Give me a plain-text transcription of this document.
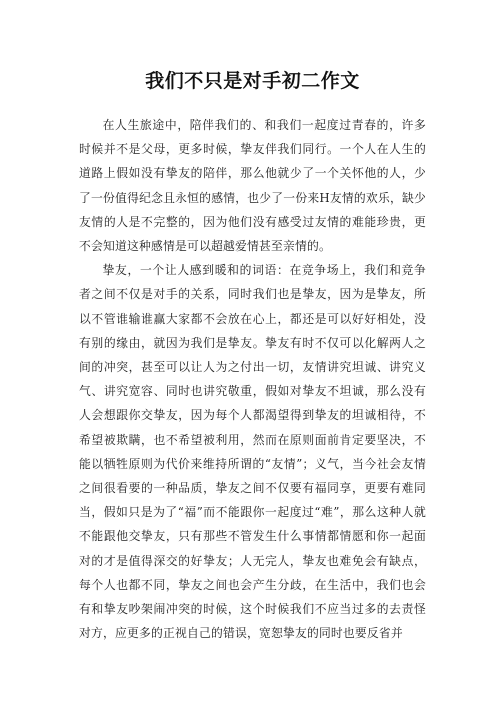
我们不只是对手初二作文

在人生旅途中，陪伴我们的、和我们一起度过青春的，许多时候并不是父母，更多时候，挚友伴我们同行。一个人在人生的道路上假如没有挚友的陪伴，那么他就少了一个关怀他的人，少了一份值得纪念且永恒的感情，也少了一份来H友情的欢乐，缺少友情的人是不完整的，因为他们没有感受过友情的难能珍贵，更不会知道这种感情是可以超越爱情甚至亲情的。

挚友，一个让人感到暖和的词语：在竞争场上，我们和竞争者之间不仅是对手的关系，同时我们也是挚友，因为是挚友，所以不管谁输谁赢大家都不会放在心上，都还是可以好好相处，没有别的缘由，就因为我们是挚友。挚友有时不仅可以化解两人之间的冲突，甚至可以让人为之付出一切，友情讲究坦诚、讲究义气、讲究宽容、同时也讲究敬重，假如对挚友不坦诚，那么没有人会想跟你交挚友，因为每个人都渴望得到挚友的坦诚相待，不希望被欺瞒，也不希望被利用，然而在原则面前肯定要坚决，不能以牺牲原则为代价来维持所谓的“友情”；义气，当今社会友情之间很看要的一种品质，挚友之间不仅要有福同享，更要有难同当，假如只是为了“福”而不能跟你一起度过“难”，那么这种人就不能跟他交挚友，只有那些不管发生什么事情都情愿和你一起面对的才是值得深交的好挚友；人无完人，挚友也难免会有缺点，每个人也都不同，挚友之间也会产生分歧，在生活中，我们也会有和挚友吵架闹冲突的时候，这个时候我们不应当过多的去责怪对方，应更多的正视自己的错误，宽恕挚友的同时也要反省并
